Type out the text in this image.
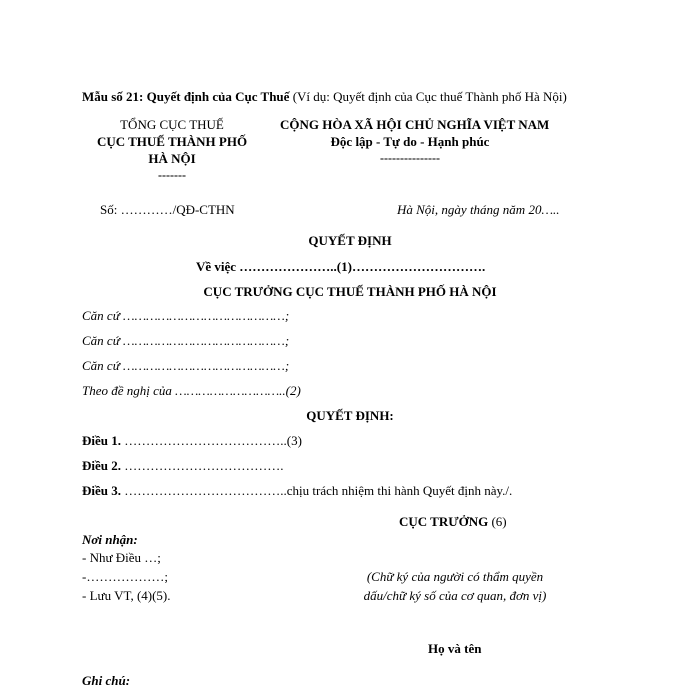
Mẫu số 21: Quyết định của Cục Thuế (Ví dụ: Quyết định của Cục thuế Thành phố Hà Nội)
TỔNG CỤC THUẾ
CỤC THUẾ THÀNH PHỐ
HÀ NỘI
-------
CỘNG HÒA XÃ HỘI CHỦ NGHĨA VIỆT NAM
Độc lập - Tự do - Hạnh phúc
---------------
Số: …………/QĐ-CTHN	Hà Nội, ngày tháng năm 20…..
QUYẾT ĐỊNH
Về việc …………………..(1)………………………….
CỤC TRƯỞNG CỤC THUẾ THÀNH PHỐ HÀ NỘI
Căn cứ ……………………………………;
Căn cứ ……………………………………;
Căn cứ ……………………………………;
Theo đề nghị của ………………………..(2)
QUYẾT ĐỊNH:
Điều 1. ………………………………..(3)
Điều 2. ……………………………….
Điều 3. ………………………………..chịu trách nhiệm thi hành Quyết định này./.
CỤC TRƯỞNG (6)
Nơi nhận:
- Như Điều …;
-………………;
- Lưu VT, (4)(5).
(Chữ ký của người có thẩm quyền
dấu/chữ ký số của cơ quan, đơn vị)
Họ và tên
Ghi chú:
